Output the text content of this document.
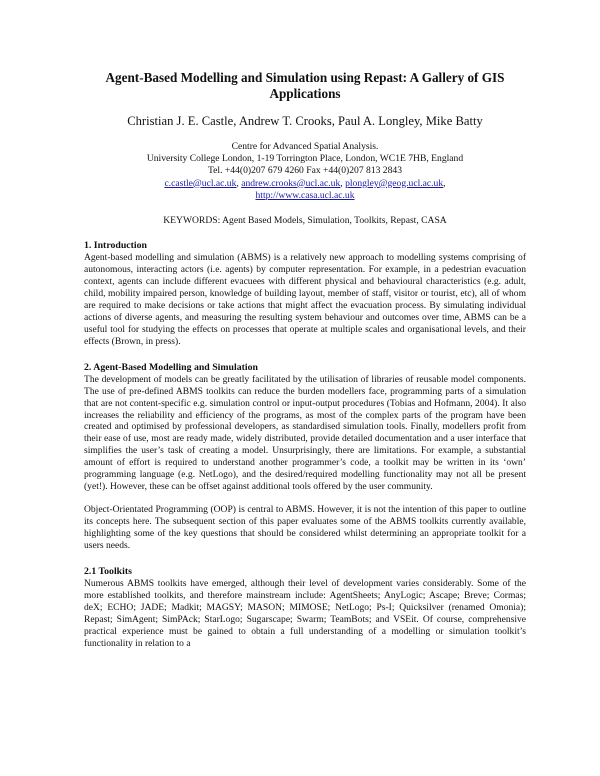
Agent-Based Modelling and Simulation using Repast: A Gallery of GIS
Applications
Christian J. E. Castle, Andrew T. Crooks, Paul A. Longley, Mike Batty
Centre for Advanced Spatial Analysis.
University College London, 1-19 Torrington Place, London, WC1E 7HB, England
Tel. +44(0)207 679 4260 Fax +44(0)207 813 2843
c.castle@ucl.ac.uk, andrew.crooks@ucl.ac.uk, plongley@geog.ucl.ac.uk,
http://www.casa.ucl.ac.uk
KEYWORDS: Agent Based Models, Simulation, Toolkits, Repast, CASA
1. Introduction

Agent-based modelling and simulation (ABMS) is a relatively new approach to modelling systems comprising of autonomous, interacting actors (i.e. agents) by computer representation. For example, in a pedestrian evacuation context, agents can include different evacuees with different physical and behavioural characteristics (e.g. adult, child, mobility impaired person, knowledge of building layout, member of staff, visitor or tourist, etc), all of whom are required to make decisions or take actions that might affect the evacuation process. By simulating individual actions of diverse agents, and measuring the resulting system behaviour and outcomes over time, ABMS can be a useful tool for studying the effects on processes that operate at multiple scales and organisational levels, and their effects (Brown, in press).

2. Agent-Based Modelling and Simulation

The development of models can be greatly facilitated by the utilisation of libraries of reusable model components. The use of pre-defined ABMS toolkits can reduce the burden modellers face, programming parts of a simulation that are not content-specific e.g. simulation control or input-output procedures (Tobias and Hofmann, 2004). It also increases the reliability and efficiency of the programs, as most of the complex parts of the program have been created and optimised by professional developers, as standardised simulation tools. Finally, modellers profit from their ease of use, most are ready made, widely distributed, provide detailed documentation and a user interface that simplifies the user’s task of creating a model. Unsurprisingly, there are limitations. For example, a substantial amount of effort is required to understand another programmer’s code, a toolkit may be written in its ‘own’ programming language (e.g. NetLogo), and the desired/required modelling functionality may not all be present (yet!). However, these can be offset against additional tools offered by the user community.

Object-Orientated Programming (OOP) is central to ABMS. However, it is not the intention of this paper to outline its concepts here. The subsequent section of this paper evaluates some of the ABMS toolkits currently available, highlighting some of the key questions that should be considered whilst determining an appropriate toolkit for a users needs.

2.1 Toolkits

Numerous ABMS toolkits have emerged, although their level of development varies considerably. Some of the more established toolkits, and therefore mainstream include: AgentSheets; AnyLogic; Ascape; Breve; Cormas; deX; ECHO; JADE; Madkit; MAGSY; MASON; MIMOSE; NetLogo; Ps-I; Quicksilver (renamed Omonia); Repast; SimAgent; SimPAck; StarLogo; Sugarscape; Swarm; TeamBots; and VSEit. Of course, comprehensive practical experience must be gained to obtain a full understanding of a modelling or simulation toolkit’s functionality in relation to a
